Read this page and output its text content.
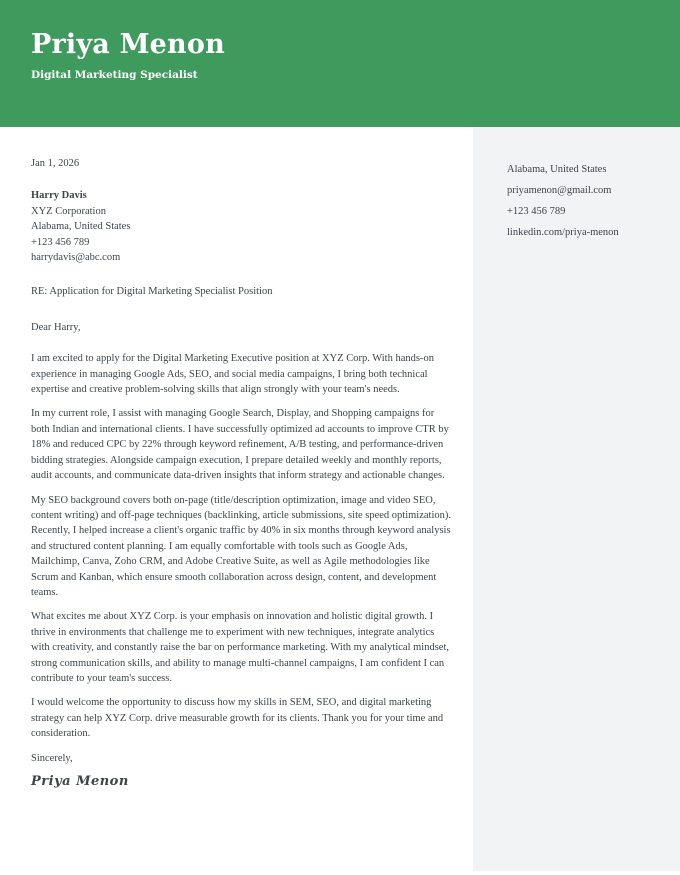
Priya Menon
Digital Marketing Specialist
Alabama, United States
priyamenon@gmail.com
+123 456 789
linkedin.com/priya-menon
Jan 1, 2026
Harry Davis
XYZ Corporation
Alabama, United States
+123 456 789
harrydavis@abc.com
RE: Application for Digital Marketing Specialist Position
Dear Harry,

I am excited to apply for the Digital Marketing Executive position at XYZ Corp. With hands-on experience in managing Google Ads, SEO, and social media campaigns, I bring both technical expertise and creative problem-solving skills that align strongly with your team's needs.

In my current role, I assist with managing Google Search, Display, and Shopping campaigns for both Indian and international clients. I have successfully optimized ad accounts to improve CTR by 18% and reduced CPC by 22% through keyword refinement, A/B testing, and performance-driven bidding strategies. Alongside campaign execution, I prepare detailed weekly and monthly reports, audit accounts, and communicate data-driven insights that inform strategy and actionable changes.

My SEO background covers both on-page (title/description optimization, image and video SEO, content writing) and off-page techniques (backlinking, article submissions, site speed optimization). Recently, I helped increase a client's organic traffic by 40% in six months through keyword analysis and structured content planning. I am equally comfortable with tools such as Google Ads, Mailchimp, Canva, Zoho CRM, and Adobe Creative Suite, as well as Agile methodologies like Scrum and Kanban, which ensure smooth collaboration across design, content, and development teams.

What excites me about XYZ Corp. is your emphasis on innovation and holistic digital growth. I thrive in environments that challenge me to experiment with new techniques, integrate analytics with creativity, and constantly raise the bar on performance marketing. With my analytical mindset, strong communication skills, and ability to manage multi-channel campaigns, I am confident I can contribute to your team's success.

I would welcome the opportunity to discuss how my skills in SEM, SEO, and digital marketing strategy can help XYZ Corp. drive measurable growth for its clients. Thank you for your time and consideration.

Sincerely,
Priya Menon
